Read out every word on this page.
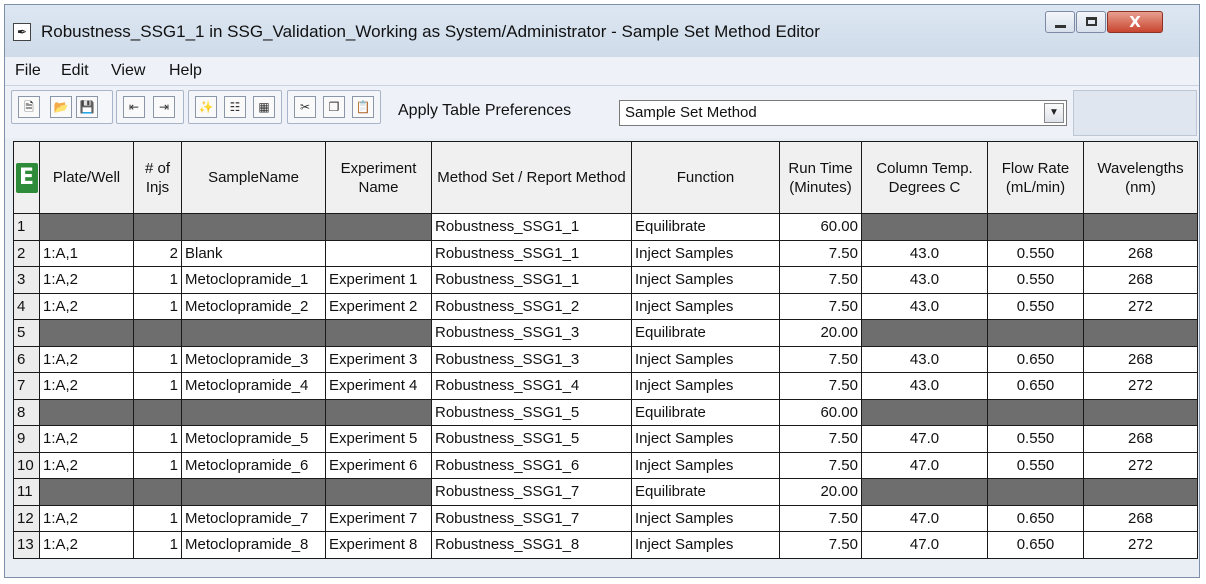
✒ Robustness_SSG1_1 in SSG_Validation_Working as System/Administrator - Sample Set Method Editor	X
File Edit View Help
🗎	📂 💾	⇤	⇥	✨	☷	▦	✂	❐	📋 Apply Table Preferences	Sample Set Method	▼
E	Plate/Well	# of Injs	SampleName	Experiment Name	Method Set / Report Method	Function	Run Time (Minutes)	Column Temp. Degrees C	Flow Rate (mL/min)	Wavelengths (nm)
1					Robustness_SSG1_1	Equilibrate	60.00			
2	1:A,1	2	Blank		Robustness_SSG1_1	Inject Samples	7.50	43.0	0.550	268
3	1:A,2	1	Metoclopramide_1	Experiment 1	Robustness_SSG1_1	Inject Samples	7.50	43.0	0.550	268
4	1:A,2	1	Metoclopramide_2	Experiment 2	Robustness_SSG1_2	Inject Samples	7.50	43.0	0.550	272
5					Robustness_SSG1_3	Equilibrate	20.00			
6	1:A,2	1	Metoclopramide_3	Experiment 3	Robustness_SSG1_3	Inject Samples	7.50	43.0	0.650	268
7	1:A,2	1	Metoclopramide_4	Experiment 4	Robustness_SSG1_4	Inject Samples	7.50	43.0	0.650	272
8					Robustness_SSG1_5	Equilibrate	60.00			
9	1:A,2	1	Metoclopramide_5	Experiment 5	Robustness_SSG1_5	Inject Samples	7.50	47.0	0.550	268
10	1:A,2	1	Metoclopramide_6	Experiment 6	Robustness_SSG1_6	Inject Samples	7.50	47.0	0.550	272
11					Robustness_SSG1_7	Equilibrate	20.00			
12	1:A,2	1	Metoclopramide_7	Experiment 7	Robustness_SSG1_7	Inject Samples	7.50	47.0	0.650	268
13	1:A,2	1	Metoclopramide_8	Experiment 8	Robustness_SSG1_8	Inject Samples	7.50	47.0	0.650	272
